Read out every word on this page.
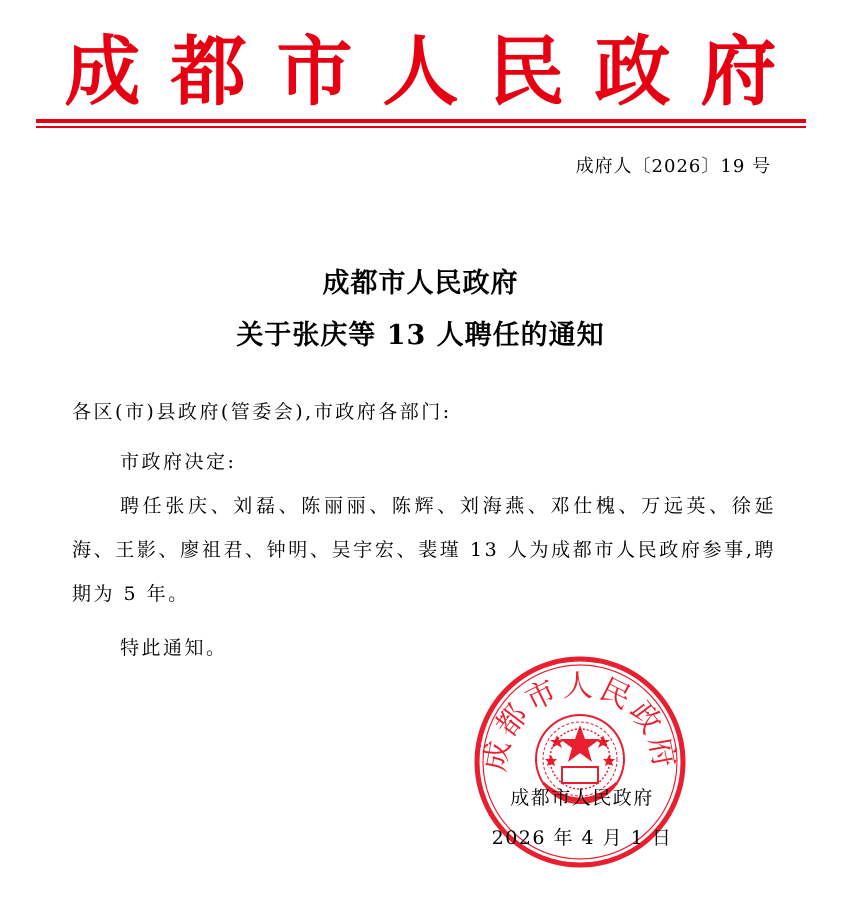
成都市人民政府
成府人〔2026〕19 号
成都市人民政府
关于张庆等 13 人聘任的通知
各区(市)县政府(管委会),市政府各部门:
市政府决定:
聘任张庆、刘磊、陈丽丽、陈辉、刘海燕、邓仕槐、万远英、徐延海、王影、廖祖君、钟明、吴宇宏、裴瑾 13 人为成都市人民政府参事,聘期为 5 年。
特此通知。
成都市人民政府
成都市人民政府
2026 年 4 月 1 日
